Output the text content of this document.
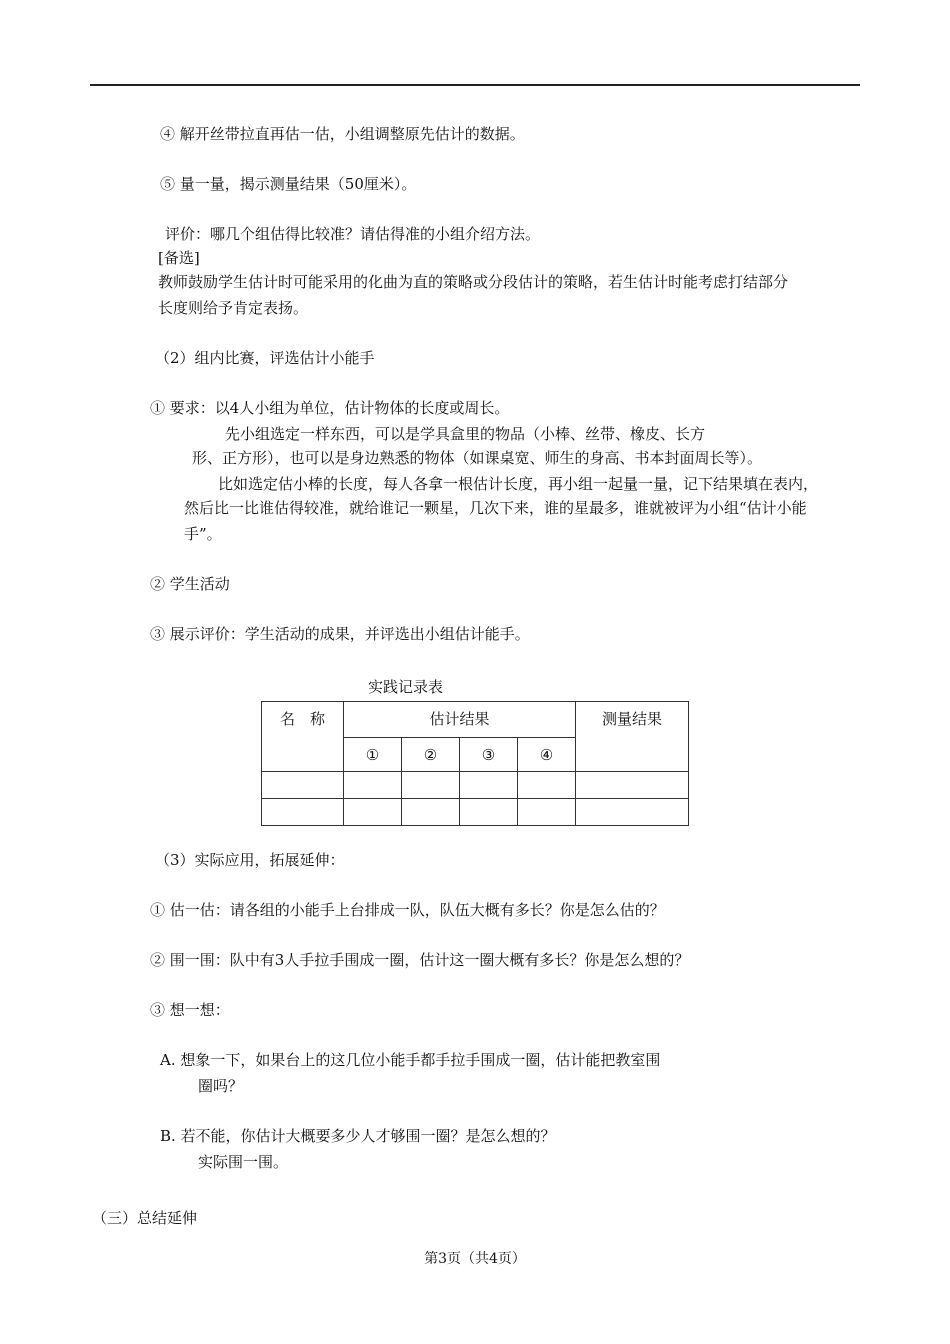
④ 解开丝带拉直再估一估，小组调整原先估计的数据。
⑤ 量一量，揭示测量结果（50厘米）。
评价：哪几个组估得比较准？请估得准的小组介绍方法。
[备选]
教师鼓励学生估计时可能采用的化曲为直的策略或分段估计的策略，若生估计时能考虑打结部分
长度则给予肯定表扬。
（2）组内比赛，评选估计小能手
① 要求：以4人小组为单位，估计物体的长度或周长。
先小组选定一样东西，可以是学具盒里的物品（小棒、丝带、橡皮、长方
形、正方形），也可以是身边熟悉的物体（如课桌宽、师生的身高、书本封面周长等）。
比如选定估小棒的长度，每人各拿一根估计长度，再小组一起量一量，记下结果填在表内，
然后比一比谁估得较准，就给谁记一颗星，几次下来，谁的星最多，谁就被评为小组“估计小能
手”。
② 学生活动
③ 展示评价：学生活动的成果，并评选出小组估计能手。
实践记录表
名　称	估计结果				测量结果
	①	②	③	④	

（3）实际应用，拓展延伸：
① 估一估：请各组的小能手上台排成一队，队伍大概有多长？你是怎么估的？
② 围一围：队中有3人手拉手围成一圈，估计这一圈大概有多长？你是怎么想的？
③ 想一想：
A. 想象一下，如果台上的这几位小能手都手拉手围成一圈，估计能把教室围
圈吗？
B. 若不能，你估计大概要多少人才够围一圈？是怎么想的？
实际围一围。
（三）总结延伸
第3页（共4页）
